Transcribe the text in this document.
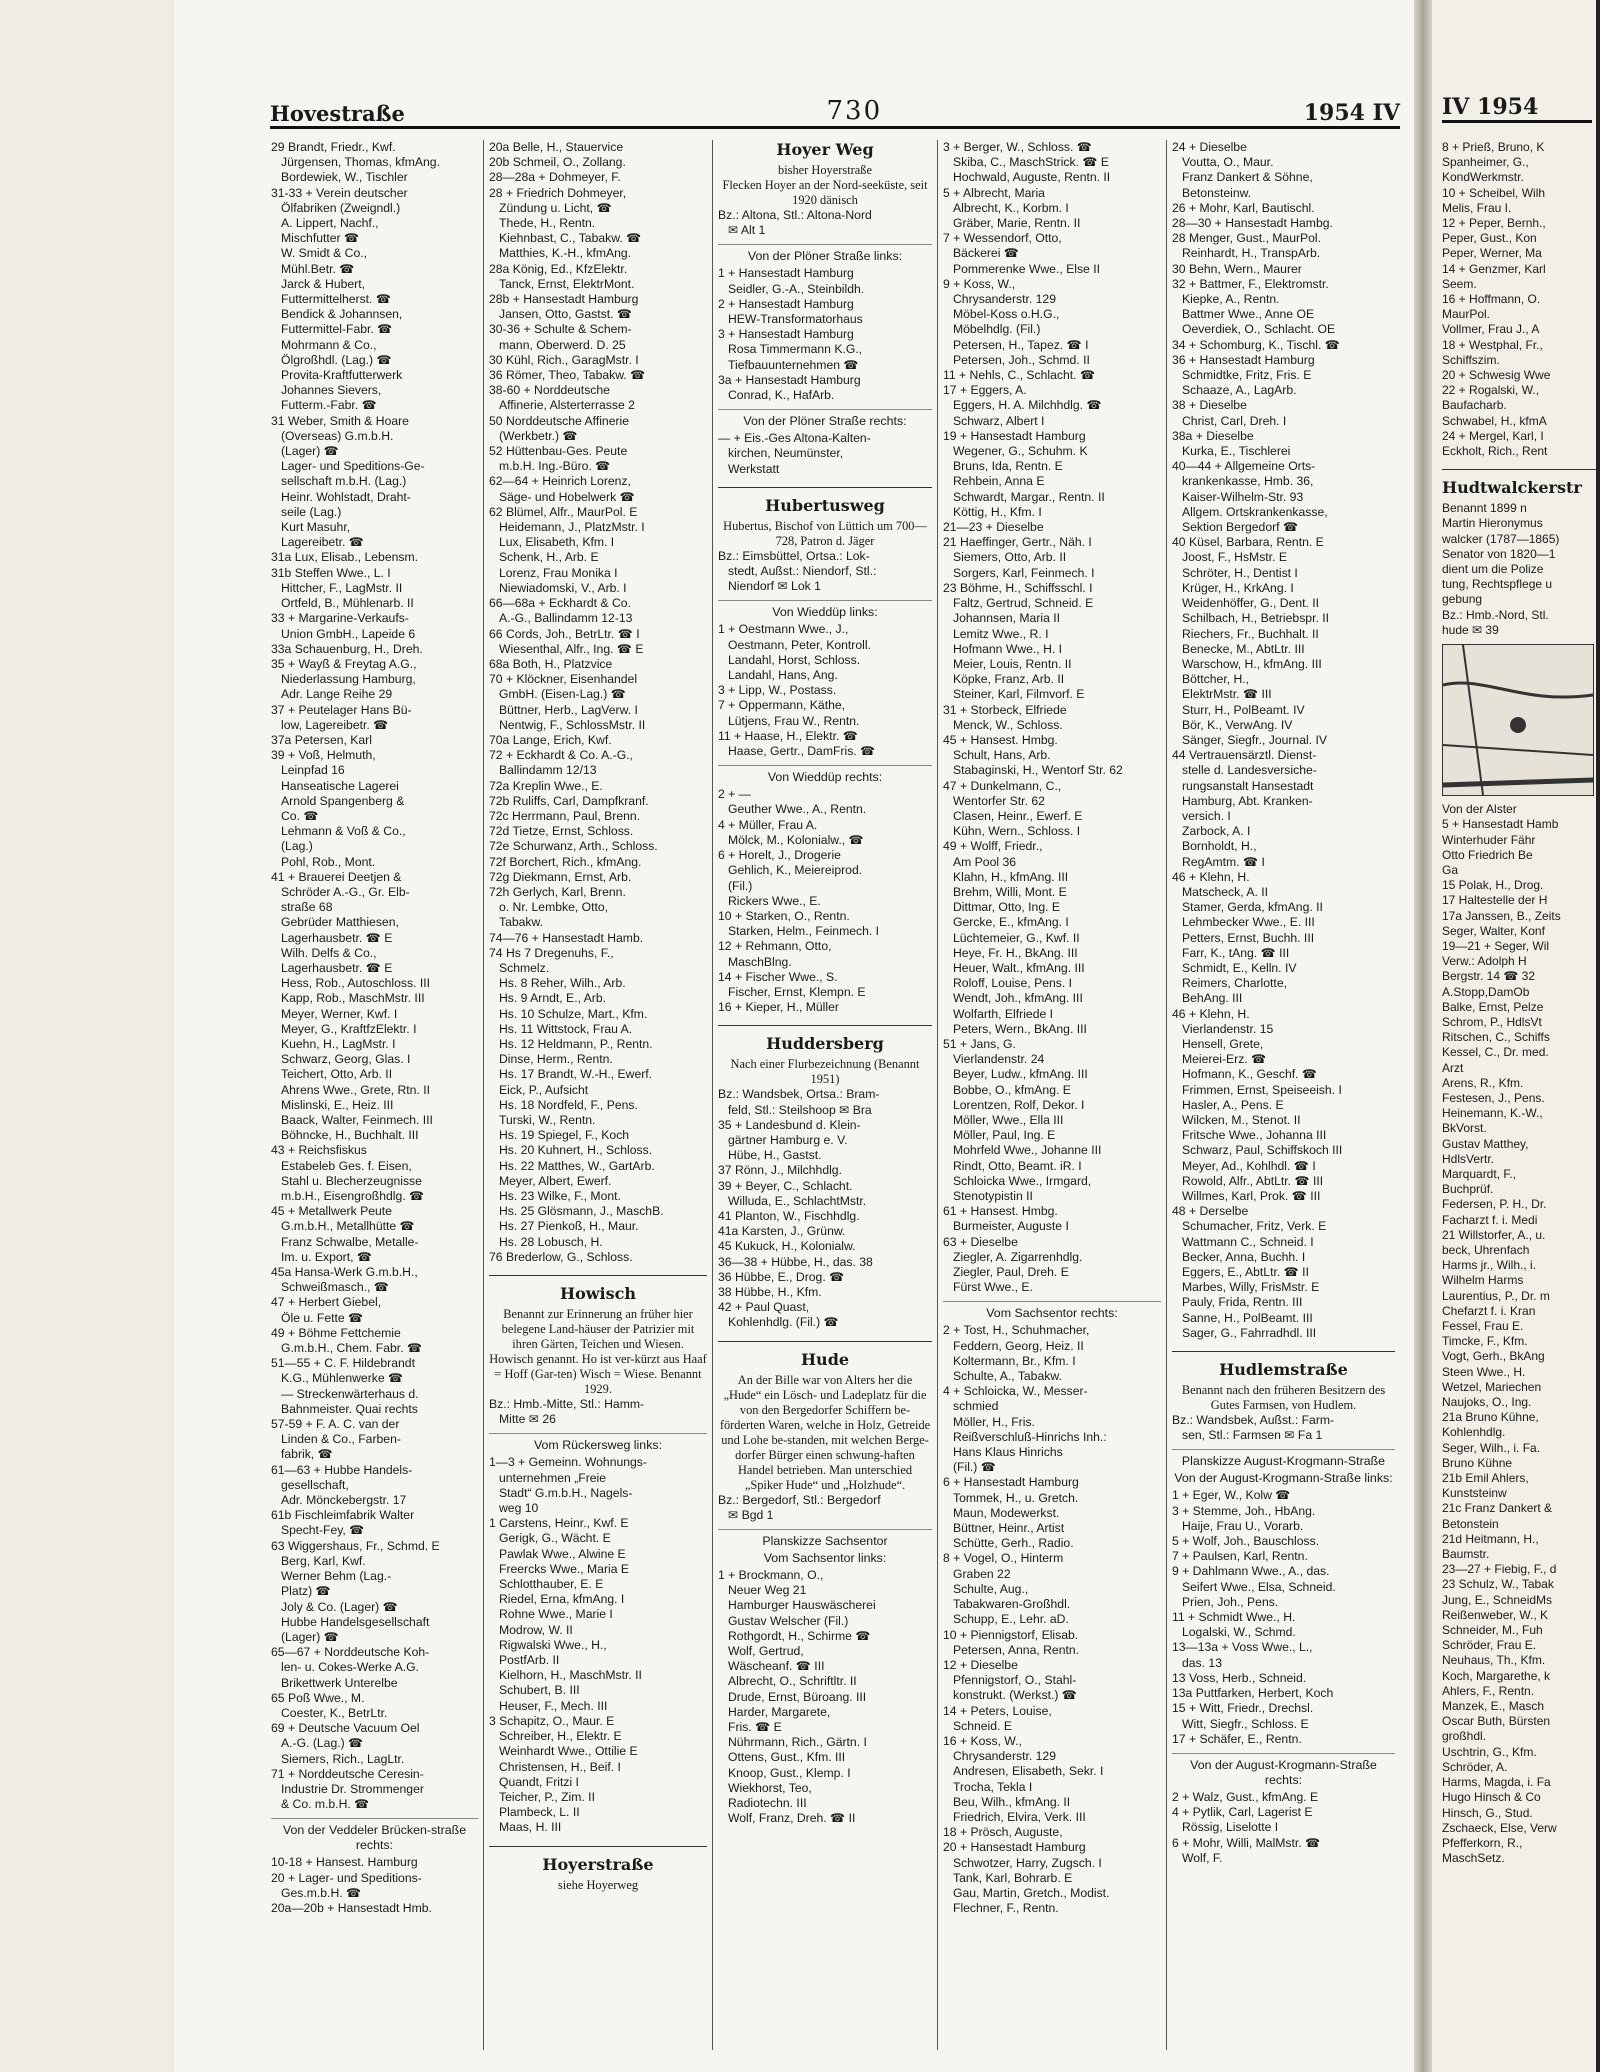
Hovestraße	730	1954 IV
29 Brandt, Friedr., Kwf.
Jürgensen, Thomas, kfmAng.
Bordewiek, W., Tischler
31-33 + Verein deutscher
Ölfabriken (Zweigndl.)
A. Lippert, Nachf.,
Mischfutter ☎
W. Smidt & Co.,
Mühl.Betr. ☎
Jarck & Hubert,
Futtermittelherst. ☎
Bendick & Johannsen,
Futtermittel-Fabr. ☎
Mohrmann & Co.,
Ölgroßhdl. (Lag.) ☎
Provita-Kraftfutterwerk
Johannes Sievers,
Futterm.-Fabr. ☎
31 Weber, Smith & Hoare
(Overseas) G.m.b.H.
(Lager) ☎
Lager- und Speditions-Ge-
sellschaft m.b.H. (Lag.)
Heinr. Wohlstadt, Draht-
seile (Lag.)
Kurt Masuhr,
Lagereibetr. ☎
31a Lux, Elisab., Lebensm.
31b Steffen Wwe., L. I
Hittcher, F., LagMstr. II
Ortfeld, B., Mühlenarb. II
33 + Margarine-Verkaufs-
Union GmbH., Lapeide 6
33a Schauenburg, H., Dreh.
35 + Wayß & Freytag A.G.,
Niederlassung Hamburg,
Adr. Lange Reihe 29
37 + Peutelager Hans Bü-
low, Lagereibetr. ☎
37a Petersen, Karl
39 + Voß, Helmuth,
Leinpfad 16
Hanseatische Lagerei
Arnold Spangenberg &
Co. ☎
Lehmann & Voß & Co.,
(Lag.)
Pohl, Rob., Mont.
41 + Brauerei Deetjen &
Schröder A.-G., Gr. Elb-
straße 68
Gebrüder Matthiesen,
Lagerhausbetr. ☎ E
Wilh. Delfs & Co.,
Lagerhausbetr. ☎ E
Hess, Rob., Autoschloss. III
Kapp, Rob., MaschMstr. III
Meyer, Werner, Kwf. I
Meyer, G., KraftfzElektr. I
Kuehn, H., LagMstr. I
Schwarz, Georg, Glas. I
Teichert, Otto, Arb. II
Ahrens Wwe., Grete, Rtn. II
Mislinski, E., Heiz. III
Baack, Walter, Feinmech. III
Böhncke, H., Buchhalt. III
43 + Reichsfiskus
Estabeleb Ges. f. Eisen,
Stahl u. Blecherzeugnisse
m.b.H., Eisengroßhdlg. ☎
45 + Metallwerk Peute
G.m.b.H., Metallhütte ☎
Franz Schwalbe, Metalle-
Im. u. Export, ☎
45a Hansa-Werk G.m.b.H.,
Schweißmasch., ☎
47 + Herbert Giebel,
Öle u. Fette ☎
49 + Böhme Fettchemie
G.m.b.H., Chem. Fabr. ☎
51—55 + C. F. Hildebrandt
K.G., Mühlenwerke ☎
— Streckenwärterhaus d.
Bahnmeister. Quai rechts
57-59 + F. A. C. van der
Linden & Co., Farben-
fabrik, ☎
61—63 + Hubbe Handels-
gesellschaft,
Adr. Mönckebergstr. 17
61b Fischleimfabrik Walter
Specht-Fey, ☎
63 Wiggershaus, Fr., Schmd. E
Berg, Karl, Kwf.
Werner Behm (Lag.-
Platz) ☎
Joly & Co. (Lager) ☎
Hubbe Handelsgesellschaft
(Lager) ☎
65—67 + Norddeutsche Koh-
len- u. Cokes-Werke A.G.
Brikettwerk Unterelbe
65 Poß Wwe., M.
Coester, K., BetrLtr.
69 + Deutsche Vacuum Oel
A.-G. (Lag.) ☎
Siemers, Rich., LagLtr.
71 + Norddeutsche Ceresin-
Industrie Dr. Strommenger
& Co. m.b.H. ☎
Von der Veddeler Brücken-straße rechts:
10-18 + Hansest. Hamburg
20 + Lager- und Speditions-
Ges.m.b.H. ☎
20a—20b + Hansestadt Hmb.
20a Belle, H., Stauervice
20b Schmeil, O., Zollang.
28—28a + Dohmeyer, F.
28 + Friedrich Dohmeyer,
Zündung u. Licht, ☎
Thede, H., Rentn.
Kiehnbast, C., Tabakw. ☎
Matthies, K.-H., kfmAng.
28a König, Ed., KfzElektr.
Tanck, Ernst, ElektrMont.
28b + Hansestadt Hamburg
Jansen, Otto, Gastst. ☎
30-36 + Schulte & Schem-
mann, Oberwerd. D. 25
30 Kühl, Rich., GaragMstr. I
36 Römer, Theo, Tabakw. ☎
38-60 + Norddeutsche
Affinerie, Alsterterrasse 2
50 Norddeutsche Affinerie
(Werkbetr.) ☎
52 Hüttenbau-Ges. Peute
m.b.H. Ing.-Büro. ☎
62—64 + Heinrich Lorenz,
Säge- und Hobelwerk ☎
62 Blümel, Alfr., MaurPol. E
Heidemann, J., PlatzMstr. I
Lux, Elisabeth, Kfm. I
Schenk, H., Arb. E
Lorenz, Frau Monika I
Niewiadomski, V., Arb. I
66—68a + Eckhardt & Co.
A.-G., Ballindamm 12-13
66 Cords, Joh., BetrLtr. ☎ I
Wiesenthal, Alfr., Ing. ☎ E
68a Both, H., Platzvice
70 + Klöckner, Eisenhandel
GmbH. (Eisen-Lag.) ☎
Büttner, Herb., LagVerw. I
Nentwig, F., SchlossMstr. II
70a Lange, Erich, Kwf.
72 + Eckhardt & Co. A.-G.,
Ballindamm 12/13
72a Kreplin Wwe., E.
72b Ruliffs, Carl, Dampfkranf.
72c Herrmann, Paul, Brenn.
72d Tietze, Ernst, Schloss.
72e Schurwanz, Arth., Schloss.
72f Borchert, Rich., kfmAng.
72g Diekmann, Ernst, Arb.
72h Gerlych, Karl, Brenn.
o. Nr. Lembke, Otto,
Tabakw.
74—76 + Hansestadt Hamb.
74 Hs 7 Dregenuhs, F.,
Schmelz.
Hs. 8 Reher, Wilh., Arb.
Hs. 9 Arndt, E., Arb.
Hs. 10 Schulze, Mart., Kfm.
Hs. 11 Wittstock, Frau A.
Hs. 12 Heldmann, P., Rentn.
Dinse, Herm., Rentn.
Hs. 17 Brandt, W.-H., Ewerf.
Eick, P., Aufsicht
Hs. 18 Nordfeld, F., Pens.
Turski, W., Rentn.
Hs. 19 Spiegel, F., Koch
Hs. 20 Kuhnert, H., Schloss.
Hs. 22 Matthes, W., GartArb.
Meyer, Albert, Ewerf.
Hs. 23 Wilke, F., Mont.
Hs. 25 Glösmann, J., MaschB.
Hs. 27 Pienkoß, H., Maur.
Hs. 28 Lobusch, H.
76 Brederlow, G., Schloss.
Howisch
Benannt zur Erinnerung an früher hier belegene Land-häuser der Patrizier mit ihren Gärten, Teichen und Wiesen. Howisch genannt. Ho ist ver-kürzt aus Haaf = Hoff (Gar-ten) Wisch = Wiese. Benannt 1929.
Bz.: Hmb.-Mitte, Stl.: Hamm-
Mitte ✉ 26
Vom Rückersweg links:
1—3 + Gemeinn. Wohnungs-
unternehmen „Freie
Stadt“ G.m.b.H., Nagels-
weg 10
1 Carstens, Heinr., Kwf. E
Gerigk, G., Wächt. E
Pawlak Wwe., Alwine E
Freercks Wwe., Maria E
Schlotthauber, E. E
Riedel, Erna, kfmAng. I
Rohne Wwe., Marie I
Modrow, W. II
Rigwalski Wwe., H.,
PostfArb. II
Kielhorn, H., MaschMstr. II
Schubert, B. III
Heuser, F., Mech. III
3 Schapitz, O., Maur. E
Schreiber, H., Elektr. E
Weinhardt Wwe., Ottilie E
Christensen, H., Beif. I
Quandt, Fritzi I
Teicher, P., Zim. II
Plambeck, L. II
Maas, H. III
Hoyerstraße
siehe Hoyerweg
Hoyer Weg
bisher Hoyerstraße
Flecken Hoyer an der Nord-seeküste, seit 1920 dänisch
Bz.: Altona, Stl.: Altona-Nord
✉ Alt 1
Von der Plöner Straße links:
1 + Hansestadt Hamburg
Seidler, G.-A., Steinbildh.
2 + Hansestadt Hamburg
HEW-Transformatorhaus
3 + Hansestadt Hamburg
Rosa Timmermann K.G.,
Tiefbauunternehmen ☎
3a + Hansestadt Hamburg
Conrad, K., HafArb.
Von der Plöner Straße rechts:
— + Eis.-Ges Altona-Kalten-
kirchen, Neumünster,
Werkstatt
Hubertusweg
Hubertus, Bischof von Lüttich um 700—728, Patron d. Jäger
Bz.: Eimsbüttel, Ortsa.: Lok-
stedt, Außst.: Niendorf, Stl.:
Niendorf ✉ Lok 1
Von Wieddüp links:
1 + Oestmann Wwe., J.,
Oestmann, Peter, Kontroll.
Landahl, Horst, Schloss.
Landahl, Hans, Ang.
3 + Lipp, W., Postass.
7 + Oppermann, Käthe,
Lütjens, Frau W., Rentn.
11 + Haase, H., Elektr. ☎
Haase, Gertr., DamFris. ☎
Von Wieddüp rechts:
2 + —
Geuther Wwe., A., Rentn.
4 + Müller, Frau A.
Mölck, M., Kolonialw., ☎
6 + Horelt, J., Drogerie
Gehlich, K., Meiereiprod.
(Fil.)
Rickers Wwe., E.
10 + Starken, O., Rentn.
Starken, Helm., Feinmech. I
12 + Rehmann, Otto,
MaschBlng.
14 + Fischer Wwe., S.
Fischer, Ernst, Klempn. E
16 + Kieper, H., Müller
Huddersberg
Nach einer Flurbezeichnung (Benannt 1951)
Bz.: Wandsbek, Ortsa.: Bram-
feld, Stl.: Steilshoop ✉ Bra
35 + Landesbund d. Klein-
gärtner Hamburg e. V.
Hübe, H., Gastst.
37 Rönn, J., Milchhdlg.
39 + Beyer, C., Schlacht.
Willuda, E., SchlachtMstr.
41 Planton, W., Fischhdlg.
41a Karsten, J., Grünw.
45 Kukuck, H., Kolonialw.
36—38 + Hübbe, H., das. 38
36 Hübbe, E., Drog. ☎
38 Hübbe, H., Kfm.
42 + Paul Quast,
Kohlenhdlg. (Fil.) ☎
Hude
An der Bille war von Alters her die „Hude“ ein Lösch- und Ladeplatz für die von den Bergedorfer Schiffern be-förderten Waren, welche in Holz, Getreide und Lohe be-standen, mit welchen Berge-dorfer Bürger einen schwung-haften Handel betrieben. Man unterschied „Spiker Hude“ und „Holzhude“.
Bz.: Bergedorf, Stl.: Bergedorf
✉ Bgd 1
Planskizze Sachsentor
Vom Sachsentor links:
1 + Brockmann, O.,
Neuer Weg 21
Hamburger Hauswäscherei
Gustav Welscher (Fil.)
Rothgordt, H., Schirme ☎
Wolf, Gertrud,
Wäscheanf. ☎ III
Albrecht, O., Schriftltr. II
Drude, Ernst, Büroang. III
Harder, Margarete,
Fris. ☎ E
Nührmann, Rich., Gärtn. I
Ottens, Gust., Kfm. III
Knoop, Gust., Klemp. I
Wiekhorst, Teo,
Radiotechn. III
Wolf, Franz, Dreh. ☎ II
3 + Berger, W., Schloss. ☎
Skiba, C., MaschStrick. ☎ E
Hochwald, Auguste, Rentn. II
5 + Albrecht, Maria
Albrecht, K., Korbm. I
Gräber, Marie, Rentn. II
7 + Wessendorf, Otto,
Bäckerei ☎
Pommerenke Wwe., Else II
9 + Koss, W.,
Chrysanderstr. 129
Möbel-Koss o.H.G.,
Möbelhdlg. (Fil.)
Petersen, H., Tapez. ☎ I
Petersen, Joh., Schmd. II
11 + Nehls, C., Schlacht. ☎
17 + Eggers, A.
Eggers, H. A. Milchhdlg. ☎
Schwarz, Albert I
19 + Hansestadt Hamburg
Wegener, G., Schuhm. K
Bruns, Ida, Rentn. E
Rehbein, Anna E
Schwardt, Margar., Rentn. II
Köttig, H., Kfm. I
21—23 + Dieselbe
21 Haeffinger, Gertr., Näh. I
Siemers, Otto, Arb. II
Sorgers, Karl, Feinmech. I
23 Böhme, H., Schiffsschl. I
Faltz, Gertrud, Schneid. E
Johannsen, Maria II
Lemitz Wwe., R. I
Hofmann Wwe., H. I
Meier, Louis, Rentn. II
Köpke, Franz, Arb. II
Steiner, Karl, Filmvorf. E
31 + Storbeck, Elfriede
Menck, W., Schloss.
45 + Hansest. Hmbg.
Schult, Hans, Arb.
Stabaginski, H., Wentorf Str. 62
47 + Dunkelmann, C.,
Wentorfer Str. 62
Clasen, Heinr., Ewerf. E
Kühn, Wern., Schloss. I
49 + Wolff, Friedr.,
Am Pool 36
Klahn, H., kfmAng. III
Brehm, Willi, Mont. E
Dittmar, Otto, Ing. E
Gercke, E., kfmAng. I
Lüchtemeier, G., Kwf. II
Heye, Fr. H., BkAng. III
Heuer, Walt., kfmAng. III
Roloff, Louise, Pens. I
Wendt, Joh., kfmAng. III
Wolfarth, Elfriede I
Peters, Wern., BkAng. III
51 + Jans, G.
Vierlandenstr. 24
Beyer, Ludw., kfmAng. III
Bobbe, O., kfmAng. E
Lorentzen, Rolf, Dekor. I
Möller, Wwe., Ella III
Möller, Paul, Ing. E
Mohrfeld Wwe., Johanne III
Rindt, Otto, Beamt. iR. I
Schloicka Wwe., Irmgard,
Stenotypistin II
61 + Hansest. Hmbg.
Burmeister, Auguste I
63 + Dieselbe
Ziegler, A. Zigarrenhdlg.
Ziegler, Paul, Dreh. E
Fürst Wwe., E.
Vom Sachsentor rechts:
2 + Tost, H., Schuhmacher,
Feddern, Georg, Heiz. II
Koltermann, Br., Kfm. I
Schulte, A., Tabakw.
4 + Schloicka, W., Messer-
schmied
Möller, H., Fris.
Reißverschluß-Hinrichs Inh.:
Hans Klaus Hinrichs
(Fil.) ☎
6 + Hansestadt Hamburg
Tommek, H., u. Gretch.
Maun, Modewerkst.
Büttner, Heinr., Artist
Schütte, Gerh., Radio.
8 + Vogel, O., Hinterm
Graben 22
Schulte, Aug.,
Tabakwaren-Großhdl.
Schupp, E., Lehr. aD.
10 + Piennigstorf, Elisab.
Petersen, Anna, Rentn.
12 + Dieselbe
Pfennigstorf, O., Stahl-
konstrukt. (Werkst.) ☎
14 + Peters, Louise,
Schneid. E
16 + Koss, W.,
Chrysanderstr. 129
Andresen, Elisabeth, Sekr. I
Trocha, Tekla I
Beu, Wilh., kfmAng. II
Friedrich, Elvira, Verk. III
18 + Prösch, Auguste,
20 + Hansestadt Hamburg
Schwotzer, Harry, Zugsch. I
Tank, Karl, Bohrarb. E
Gau, Martin, Gretch., Modist.
Flechner, F., Rentn.
24 + Dieselbe
Voutta, O., Maur.
Franz Dankert & Söhne,
Betonsteinw.
26 + Mohr, Karl, Bautischl.
28—30 + Hansestadt Hambg.
28 Menger, Gust., MaurPol.
Reinhardt, H., TranspArb.
30 Behn, Wern., Maurer
32 + Battmer, F., Elektromstr.
Kiepke, A., Rentn.
Battmer Wwe., Anne OE
Oeverdiek, O., Schlacht. OE
34 + Schomburg, K., Tischl. ☎
36 + Hansestadt Hamburg
Schmidtke, Fritz, Fris. E
Schaaze, A., LagArb.
38 + Dieselbe
Christ, Carl, Dreh. I
38a + Dieselbe
Kurka, E., Tischlerei
40—44 + Allgemeine Orts-
krankenkasse, Hmb. 36,
Kaiser-Wilhelm-Str. 93
Allgem. Ortskrankenkasse,
Sektion Bergedorf ☎
40 Küsel, Barbara, Rentn. E
Joost, F., HsMstr. E
Schröter, H., Dentist I
Krüger, H., KrkAng. I
Weidenhöffer, G., Dent. II
Schilbach, H., Betriebspr. II
Riechers, Fr., Buchhalt. II
Benecke, M., AbtLtr. III
Warschow, H., kfmAng. III
Böttcher, H.,
ElektrMstr. ☎ III
Sturr, H., PolBeamt. IV
Bör, K., VerwAng. IV
Sänger, Siegfr., Journal. IV
44 Vertrauensärztl. Dienst-
stelle d. Landesversiche-
rungsanstalt Hansestadt
Hamburg, Abt. Kranken-
versich. I
Zarbock, A. I
Bornholdt, H.,
RegAmtm. ☎ I
46 + Klehn, H.
Matscheck, A. II
Stamer, Gerda, kfmAng. II
Lehmbecker Wwe., E. III
Petters, Ernst, Buchh. III
Farr, K., tAng. ☎ III
Schmidt, E., Kelln. IV
Reimers, Charlotte,
BehAng. III
46 + Klehn, H.
Vierlandenstr. 15
Hensell, Grete,
Meierei-Erz. ☎
Hofmann, K., Geschf. ☎
Frimmen, Ernst, Speiseeish. I
Hasler, A., Pens. E
Wilcken, M., Stenot. II
Fritsche Wwe., Johanna III
Schwarz, Paul, Schiffskoch III
Meyer, Ad., Kohlhdl. ☎ I
Rowold, Alfr., AbtLtr. ☎ III
Willmes, Karl, Prok. ☎ III
48 + Derselbe
Schumacher, Fritz, Verk. E
Wattmann C., Schneid. I
Becker, Anna, Buchh. I
Eggers, E., AbtLtr. ☎ II
Marbes, Willy, FrisMstr. E
Pauly, Frida, Rentn. III
Sanne, H., PolBeamt. III
Sager, G., Fahrradhdl. III
Hudlemstraße
Benannt nach den früheren Besitzern des Gutes Farmsen, von Hudlem.
Bz.: Wandsbek, Außst.: Farm-
sen, Stl.: Farmsen ✉ Fa 1
Planskizze August-Krogmann-Straße
Von der August-Krogmann-Straße links:
1 + Eger, W., Kolw ☎
3 + Stemme, Joh., HbAng.
Haije, Frau U., Vorarb.
5 + Wolf, Joh., Bauschloss.
7 + Paulsen, Karl, Rentn.
9 + Dahlmann Wwe., A., das.
Seifert Wwe., Elsa, Schneid.
Prien, Joh., Pens.
11 + Schmidt Wwe., H.
Logalski, W., Schmd.
13—13a + Voss Wwe., L.,
das. 13
13 Voss, Herb., Schneid.
13a Puttfarken, Herbert, Koch
15 + Witt, Friedr., Drechsl.
Witt, Siegfr., Schloss. E
17 + Schäfer, E., Rentn.
Von der August-Krogmann-Straße rechts:
2 + Walz, Gust., kfmAng. E
4 + Pytlik, Carl, Lagerist E
Rössig, Liselotte I
6 + Mohr, Willi, MalMstr. ☎
Wolf, F.
IV 1954
8 + Prieß, Bruno, K
Spanheimer, G.,
KondWerkmstr.
10 + Scheibel, Wilh
Melis, Frau I.
12 + Peper, Bernh.,
Peper, Gust., Kon
Peper, Werner, Ma
14 + Genzmer, Karl
Seem.
16 + Hoffmann, O.
MaurPol.
Vollmer, Frau J., A
18 + Westphal, Fr.,
Schiffszim.
20 + Schwesig Wwe
22 + Rogalski, W.,
Baufacharb.
Schwabel, H., kfmA
24 + Mergel, Karl, I
Eckholt, Rich., Rent
Hudtwalckerstr
Benannt 1899 n
Martin Hieronymus
walcker (1787—1865)
Senator von 1820—1
dient um die Polize
tung, Rechtspflege u
gebung
Bz.: Hmb.-Nord, Stl.
hude ✉ 39
Von der Alster
5 + Hansestadt Hamb
Winterhuder Fähr
Otto Friedrich Be
Ga
15 Polak, H., Drog.
17 Haltestelle der H
17a Janssen, B., Zeits
Seger, Walter, Konf
19—21 + Seger, Wil
Verw.: Adolph H
Bergstr. 14 ☎ 32
A.Stopp,DamOb
Balke, Ernst, Pelze
Schrom, P., HdlsVt
Ritschen, C., Schiffs
Kessel, C., Dr. med.
Arzt
Arens, R., Kfm.
Festesen, J., Pens.
Heinemann, K.-W.,
BkVorst.
Gustav Matthey,
HdlsVertr.
Marquardt, F.,
Buchprüf.
Federsen, P. H., Dr.
Facharzt f. i. Medi
21 Willstorfer, A., u.
beck, Uhrenfach
Harms jr., Wilh., i.
Wilhelm Harms
Laurentius, P., Dr. m
Chefarzt f. i. Kran
Fessel, Frau E.
Timcke, F., Kfm.
Vogt, Gerh., BkAng
Steen Wwe., H.
Wetzel, Mariechen
Naujoks, O., Ing.
21a Bruno Kühne,
Kohlenhdlg.
Seger, Wilh., i. Fa.
Bruno Kühne
21b Emil Ahlers,
Kunststeinw
21c Franz Dankert &
Betonstein
21d Heitmann, H.,
Baumstr.
23—27 + Fiebig, F., d
23 Schulz, W., Tabak
Jung, E., SchneidMs
Reißenweber, W., K
Schneider, M., Fuh
Schröder, Frau E.
Neuhaus, Th., Kfm.
Koch, Margarethe, k
Ahlers, F., Rentn.
Manzek, E., Masch
Oscar Buth, Bürsten
großhdl.
Uschtrin, G., Kfm.
Schröder, A.
Harms, Magda, i. Fa
Hugo Hinsch & Co
Hinsch, G., Stud.
Zschaeck, Else, Verw
Pfefferkorn, R.,
MaschSetz.
